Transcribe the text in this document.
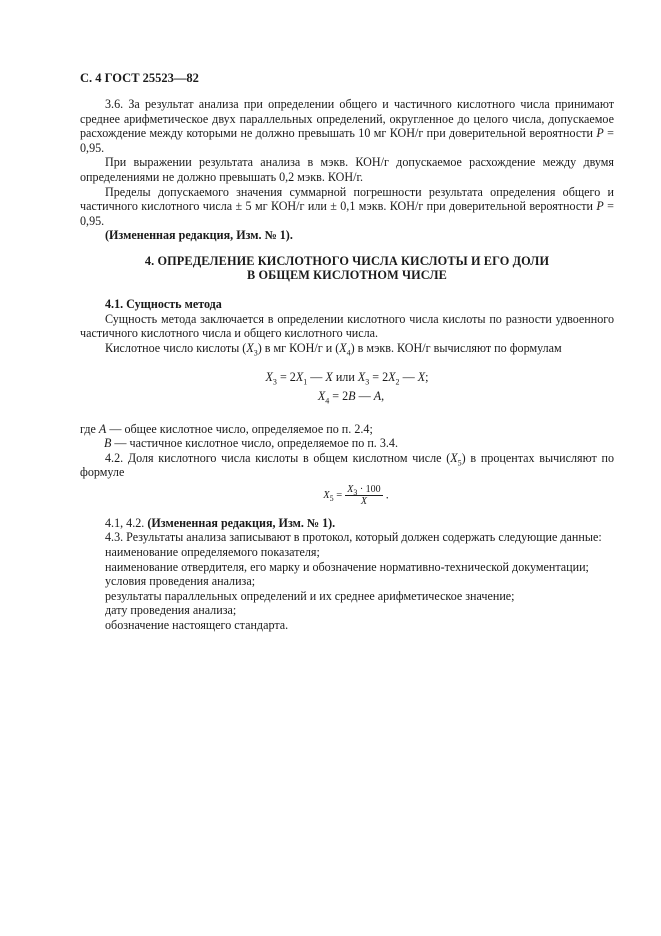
С. 4 ГОСТ 25523—82

3.6. За результат анализа при определении общего и частичного кислотного числа принимают среднее арифметическое двух параллельных определений, округленное до целого числа, допускаемое расхождение между которыми не должно превышать 10 мг КОН/г при доверительной вероятности P = 0,95.

При выражении результата анализа в мэкв. КОН/г допускаемое расхождение между двумя определениями не должно превышать 0,2 мэкв. КОН/г.

Пределы допускаемого значения суммарной погрешности результата определения общего и частичного кислотного числа ± 5 мг КОН/г или ± 0,1 мэкв. КОН/г при доверительной вероятности P = 0,95.

(Измененная редакция, Изм. № 1).

4. ОПРЕДЕЛЕНИЕ КИСЛОТНОГО ЧИСЛА КИСЛОТЫ И ЕГО ДОЛИ
В ОБЩЕМ КИСЛОТНОМ ЧИСЛЕ

4.1. Сущность метода

Сущность метода заключается в определении кислотного числа кислоты по разности удвоенного частичного кислотного числа и общего кислотного числа.

Кислотное число кислоты $(X_3)$ в мг КОН/г и $(X_4)$ в мэкв. КОН/г вычисляют по формулам

$X_3 = 2X_1$ — X или $X_3 = 2X_2$ — X;
$X_4 = 2B$ — A,

где A — общее кислотное число, определяемое по п. 2.4;

B — частичное кислотное число, определяемое по п. 3.4.

4.2. Доля кислотного числа кислоты в общем кислотном числе $(X_5)$ в процентах вычисляют по формуле

$X_5 = \frac{X_3 \cdot 100}{X}$ .

4.1, 4.2. (Измененная редакция, Изм. № 1).

4.3. Результаты анализа записывают в протокол, который должен содержать следующие данные:

наименование определяемого показателя;

наименование отвердителя, его марку и обозначение нормативно-технической документации;

условия проведения анализа;

результаты параллельных определений и их среднее арифметическое значение;

дату проведения анализа;

обозначение настоящего стандарта.
